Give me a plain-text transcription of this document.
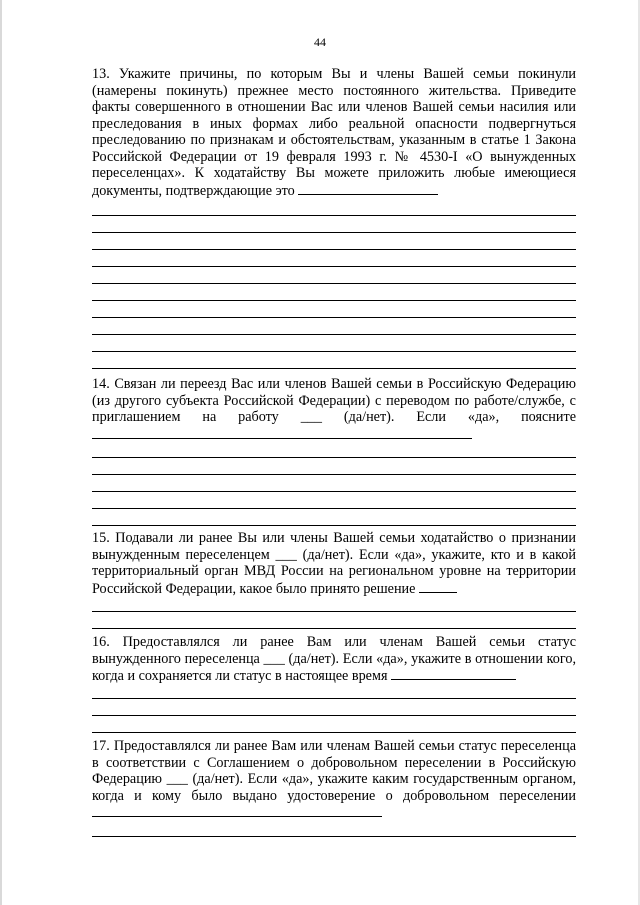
44

13. Укажите причины, по которым Вы и члены Вашей семьи покинули (намерены покинуть) прежнее место постоянного жительства. Приведите факты совершенного в отношении Вас или членов Вашей семьи насилия или преследования в иных формах либо реальной опасности подвергнуться преследованию по признакам и обстоятельствам, указанным в статье 1 Закона Российской Федерации от 19 февраля 1993 г. № 4530-I «О вынужденных переселенцах». К ходатайству Вы можете приложить любые имеющиеся документы, подтверждающие это

14. Связан ли переезд Вас или членов Вашей семьи в Российскую Федерацию (из другого субъекта Российской Федерации) с переводом по работе/службе, с приглашением на работу ___ (да/нет). Если «да», поясните

15. Подавали ли ранее Вы или члены Вашей семьи ходатайство о признании вынужденным переселенцем ___ (да/нет). Если «да», укажите, кто и в какой территориальный орган МВД России на региональном уровне на территории Российской Федерации, какое было принято решение

16. Предоставлялся ли ранее Вам или членам Вашей семьи статус вынужденного переселенца ___ (да/нет). Если «да», укажите в отношении кого, когда и сохраняется ли статус в настоящее время

17. Предоставлялся ли ранее Вам или членам Вашей семьи статус переселенца в соответствии с Соглашением о добровольном переселении в Российскую Федерацию ___ (да/нет). Если «да», укажите каким государственным органом, когда и кому было выдано удостоверение о добровольном переселении
